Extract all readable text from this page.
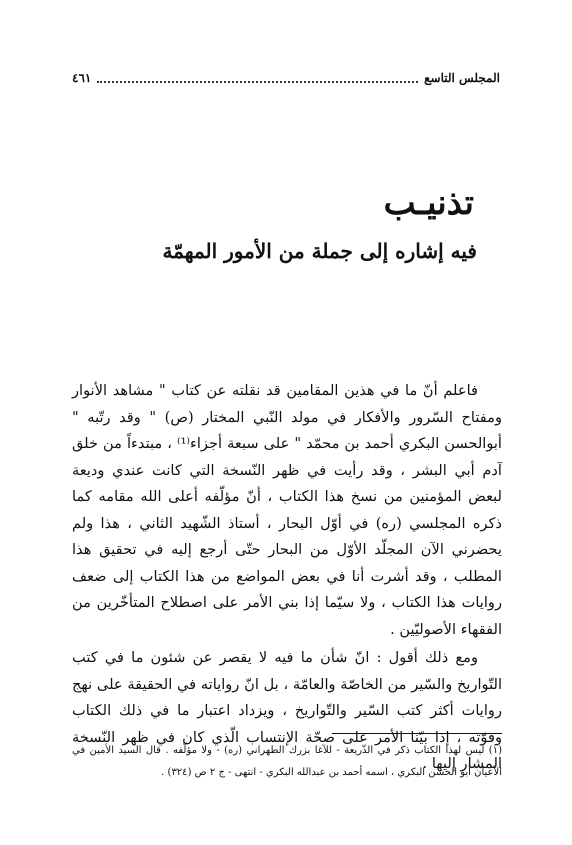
المجلس التاسع
٤٦١
تذنيـب
فيه إشاره إلى جملة من الأمور المهمّة

فاعلم أنّ ما في هذين المقامين قد نقلته عن كتاب " مشاهد الأنوار ومفتاح السّرور والأفكار في مولد النّبي المختار (ص) " وقد رتّبه " أبوالحسن البكري أحمد بن محمّد " على سبعة أجزاء⁽¹⁾ ، مبتدءاً من خلق آدم أبي البشر ، وقد رأيت في ظهر النّسخة التي كانت عندي وديعة لبعض المؤمنين من نسخ هذا الكتاب ، أنّ مؤلّفه أعلى الله مقامه كما ذكره المجلسي (ره) في أوّل البحار ، أستاذ الشّهيد الثاني ، هذا ولم يحضرني الآن المجلّد الأوّل من البحار حتّى أرجع إليه في تحقيق هذا المطلب ، وقد أشرت أنا في بعض المواضع من هذا الكتاب إلى ضعف روايات هذا الكتاب ، ولا سيّما إذا بني الأمر على اصطلاح المتأخّرين من الفقهاء الأصوليّين .

ومع ذلك أقول : انّ شأن ما فيه لا يقصر عن شئون ما في كتب التّواريخ والسّير من الخاصّة والعامّة ، بل انّ رواياته في الحقيقة على نهج روايات أكثر كتب السّير والتّواريخ ، ويزداد اعتبار ما في ذلك الكتاب وقوّته ، إذا بيّنا الأمر على صحّة الإنتساب الّذي كان في ظهر النّسخة المشار إليها .

(١) ليس لهذا الكتاب ذكر في الذّريعة - للآغا بزرك الطهراني (ره) - ولا مؤلّفه . قال السيد الأمين في الأعيان أبو الحسن البكري ، اسمه أحمد بن عبدالله البكري - انتهى - ج ٢ ص (٣٢٤) .
